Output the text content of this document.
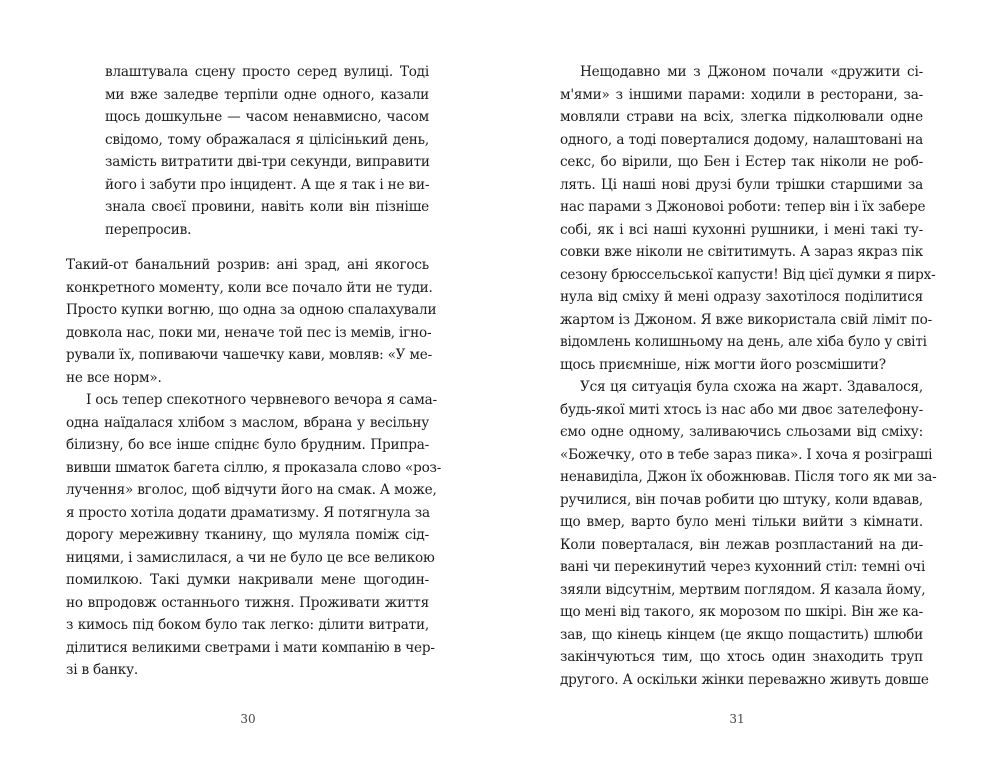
влаштувала сцену просто серед вулиці. Тоді
ми вже заледве терпіли одне одного, казали
щось дошкульне — часом ненавмисно, часом
свідомо, тому ображалася я цілісінький день,
замість витратити дві-три секунди, виправити
його і забути про інцидент. А ще я так і не ви-
знала своєї провини, навіть коли він пізніше
перепросив.
Такий-от банальний розрив: ані зрад, ані якогось
конкретного моменту, коли все почало йти не туди.
Просто купки вогню, що одна за одною спалахували
довкола нас, поки ми, неначе той пес із мемів, ігно-
рували їх, попиваючи чашечку кави, мовляв: «У ме-
не все норм».
І ось тепер спекотного червневого вечора я сама-
одна наїдалася хлібом з маслом, вбрана у весільну
білизну, бо все інше спіднє було брудним. Припра-
вивши шматок багета сіллю, я проказала слово «роз-
лучення» вголос, щоб відчути його на смак. А може,
я просто хотіла додати драматизму. Я потягнула за
дорогу мереживну тканину, що муляла поміж сід-
ницями, і замислилася, а чи не було це все великою
помилкою. Такі думки накривали мене щогодин-
но впродовж останнього тижня. Проживати життя
з кимось під боком було так легко: ділити витрати,
ділитися великими светрами і мати компанію в чер-
зі в банку.
30
Нещодавно ми з Джоном почали «дружити сі-
м'ями» з іншими парами: ходили в ресторани, за-
мовляли страви на всіх, злегка підколювали одне
одного, а тоді поверталися додому, налаштовані на
секс, бо вірили, що Бен і Естер так ніколи не роб-
лять. Ці наші нові друзі були трішки старшими за
нас парами з Джоновоі роботи: тепер він і їх забере
собі, як і всі наші кухонні рушники, і мені такі ту-
совки вже ніколи не світитимуть. А зараз якраз пік
сезону брюссельської капусти! Від цієї думки я пирх-
нула від сміху й мені одразу захотілося поділитися
жартом із Джоном. Я вже використала свій ліміт по-
відомлень колишньому на день, але хіба було у світі
щось приємніше, ніж могти його розсмішити?
Уся ця ситуація була схожа на жарт. Здавалося,
будь-якої миті хтось із нас або ми двоє зателефону-
ємо одне одному, заливаючись сльозами від сміху:
«Божечку, ото в тебе зараз пика». І хоча я розіграші
ненавиділа, Джон їх обожнював. Після того як ми за-
ручилися, він почав робити цю штуку, коли вдавав,
що вмер, варто було мені тільки вийти з кімнати.
Коли поверталася, він лежав розпластаний на ди-
вані чи перекинутий через кухонний стіл: темні очі
зяяли відсутнім, мертвим поглядом. Я казала йому,
що мені від такого, як морозом по шкірі. Він же ка-
зав, що кінець кінцем (це якщо пощастить) шлюби
закінчуються тим, що хтось один знаходить труп
другого. А оскільки жінки переважно живуть довше
31
